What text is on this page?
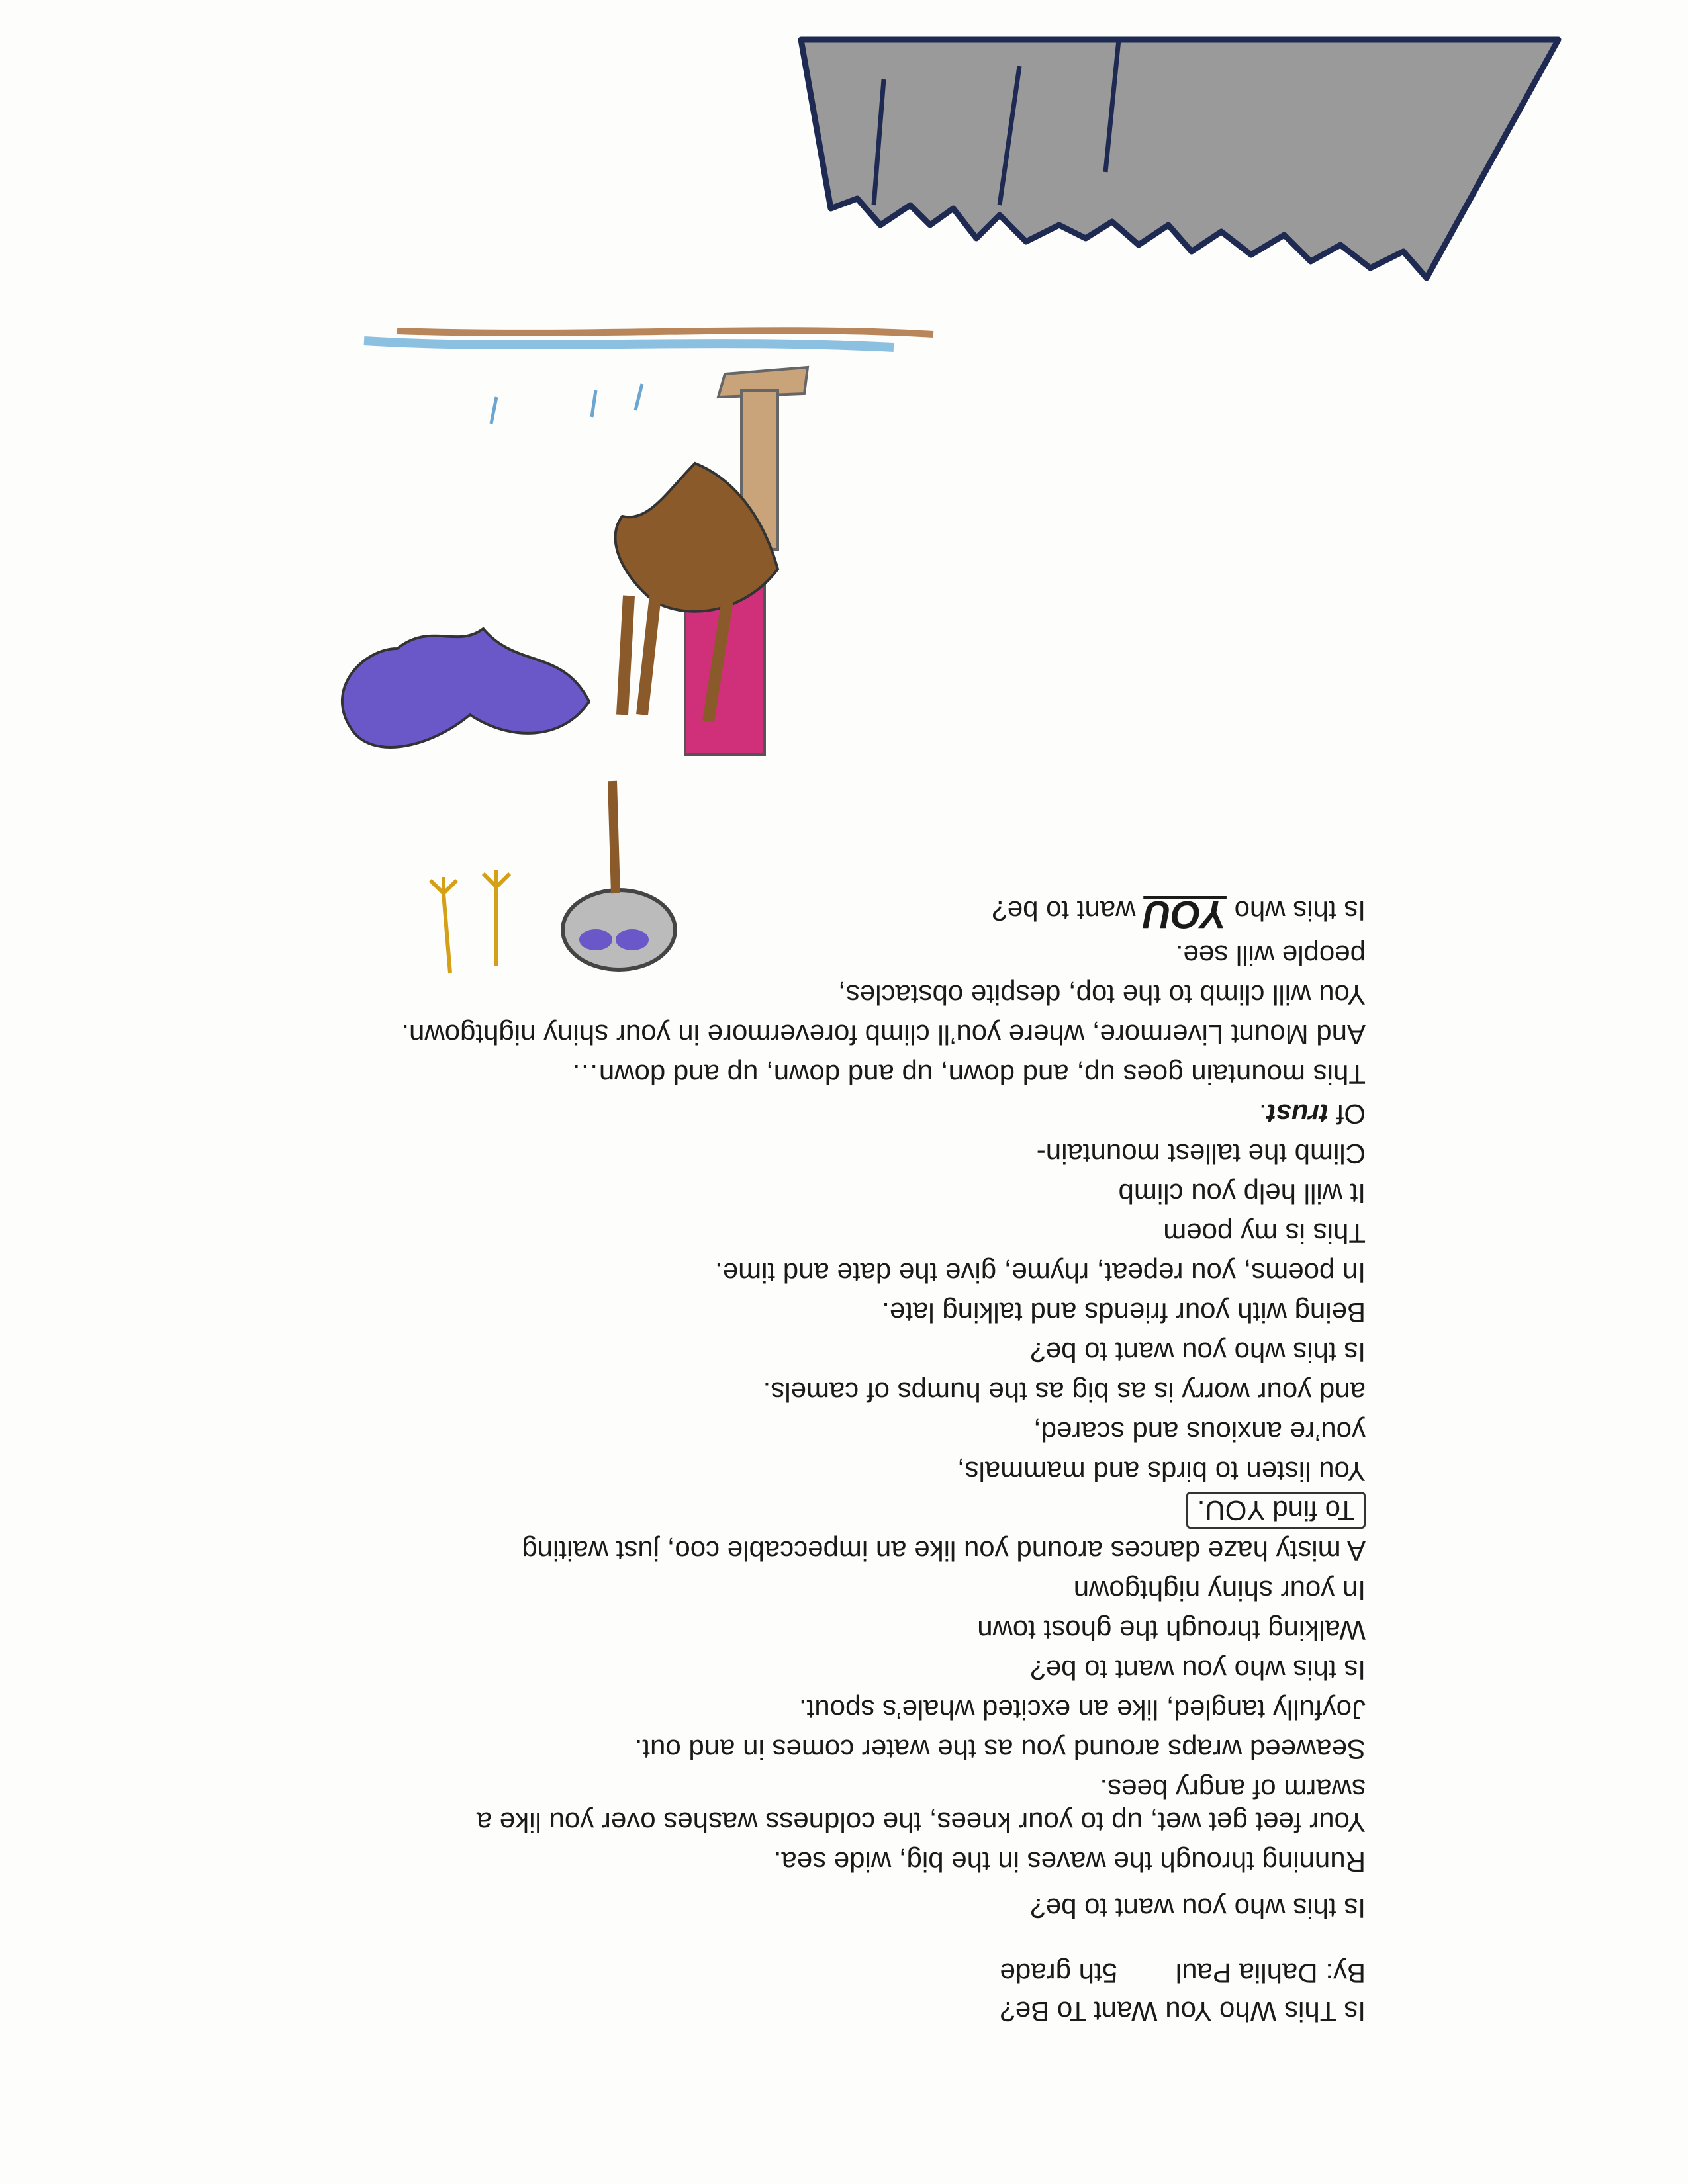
Is This Who You Want To Be?
By: Dahlia Paul
5th grade
Is this who you want to be?
Running through the waves in the big, wide sea.
Your feet get wet, up to your knees, the coldness washes over you like a
swarm of angry bees.
Seaweed wraps around you as the water comes in and out.
Joyfully tangled, like an excited whale’s spout.
Is this who you want to be?
Walking through the ghost town
In your shiny nightgown
A misty haze dances around you like an impeccable coo, just waiting
To find YOU.
You listen to birds and mammals,
you’re anxious and scared,
and your worry is as big as the humps of camels.
Is this who you want to be?
Being with your friends and talking late.
In poems, you repeat, rhyme, give the date and time.
This is my poem
It will help you climb
Climb the tallest mountain-
Of trust.
This mountain goes up, and down, up and down, up and down…
And Mount Livermore, where you’ll climb forevermore in your shiny nightgown.
You will climb to the top, despite obstacles,
people will see.
Is this who YOU want to be?
